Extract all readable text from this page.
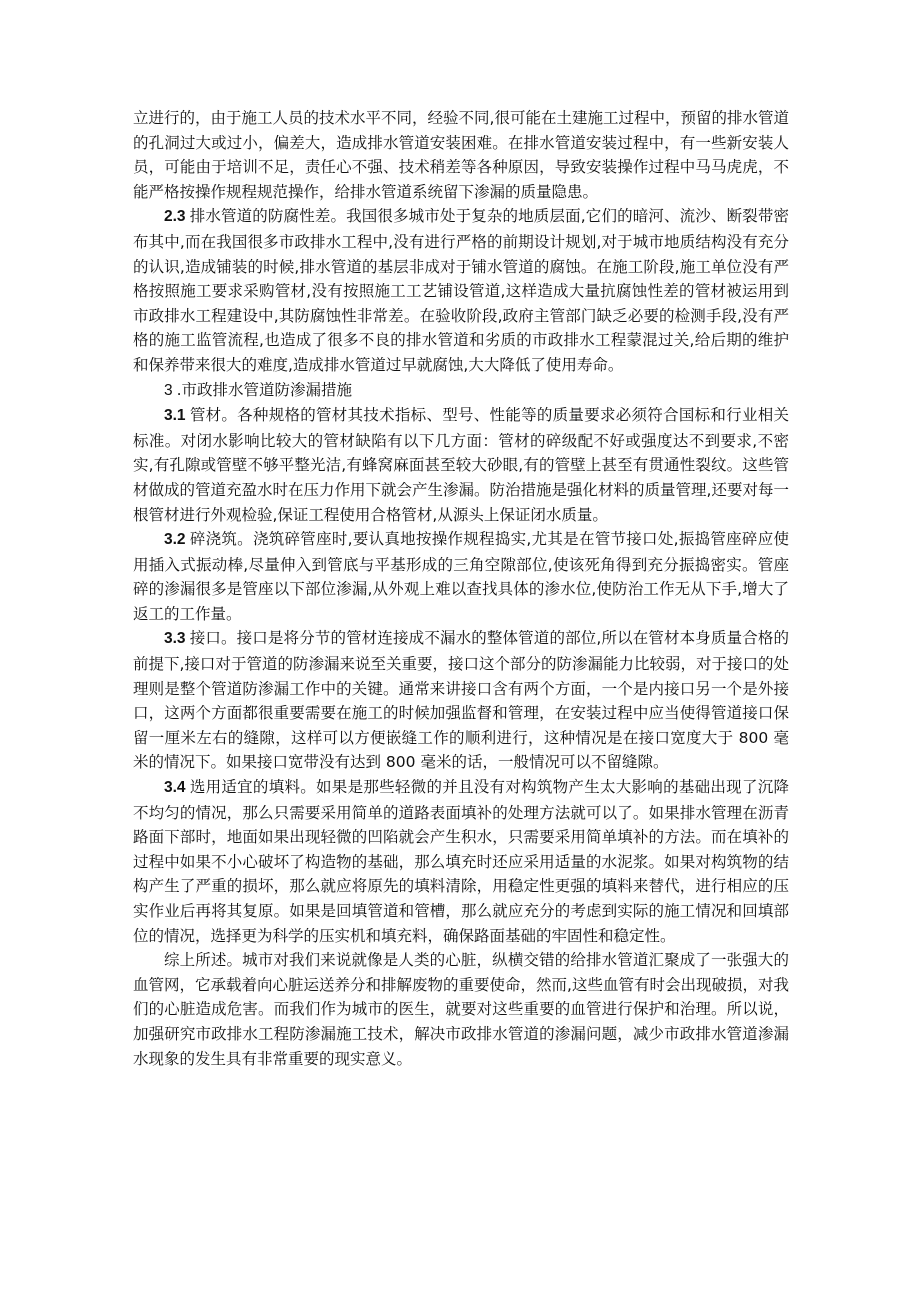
立进行的，由于施工人员的技术水平不同，经验不同,很可能在土建施工过程中，预留的排水管道的孔洞过大或过小，偏差大，造成排水管道安装困难。在排水管道安装过程中，有一些新安装人员，可能由于培训不足，责任心不强、技术稍差等各种原因，导致安装操作过程中马马虎虎，不能严格按操作规程规范操作，给排水管道系统留下渗漏的质量隐患。

2.3 排水管道的防腐性差。我国很多城市处于复杂的地质层面,它们的暗河、流沙、断裂带密布其中,而在我国很多市政排水工程中,没有进行严格的前期设计规划,对于城市地质结构没有充分的认识,造成铺装的时候,排水管道的基层非成对于铺水管道的腐蚀。在施工阶段,施工单位没有严格按照施工要求采购管材,没有按照施工工艺铺设管道,这样造成大量抗腐蚀性差的管材被运用到市政排水工程建设中,其防腐蚀性非常差。在验收阶段,政府主管部门缺乏必要的检测手段,没有严格的施工监管流程,也造成了很多不良的排水管道和劣质的市政排水工程蒙混过关,给后期的维护和保养带来很大的难度,造成排水管道过早就腐蚀,大大降低了使用寿命。

3 .市政排水管道防渗漏措施

3.1 管材。各种规格的管材其技术指标、型号、性能等的质量要求必须符合国标和行业相关标准。对闭水影响比较大的管材缺陷有以下几方面：管材的碎级配不好或强度达不到要求,不密实,有孔隙或管壁不够平整光洁,有蜂窝麻面甚至较大砂眼,有的管壁上甚至有贯通性裂纹。这些管材做成的管道充盈水时在压力作用下就会产生渗漏。防治措施是强化材料的质量管理,还要对每一根管材进行外观检验,保证工程使用合格管材,从源头上保证闭水质量。

3.2 碎浇筑。浇筑碎管座时,要认真地按操作规程捣实,尤其是在管节接口处,振捣管座碎应使用插入式振动棒,尽量伸入到管底与平基形成的三角空隙部位,使该死角得到充分振捣密实。管座碎的渗漏很多是管座以下部位渗漏,从外观上难以查找具体的渗水位,使防治工作无从下手,增大了返工的工作量。

3.3 接口。接口是将分节的管材连接成不漏水的整体管道的部位,所以在管材本身质量合格的前提下,接口对于管道的防渗漏来说至关重要，接口这个部分的防渗漏能力比较弱，对于接口的处理则是整个管道防渗漏工作中的关键。通常来讲接口含有两个方面，一个是内接口另一个是外接口，这两个方面都很重要需要在施工的时候加强监督和管理，在安装过程中应当使得管道接口保留一厘米左右的缝隙，这样可以方便嵌缝工作的顺利进行，这种情况是在接口宽度大于 800 毫米的情况下。如果接口宽带没有达到 800 毫米的话，一般情况可以不留缝隙。

3.4 选用适宜的填料。如果是那些轻微的并且没有对构筑物产生太大影响的基础出现了沉降不均匀的情况，那么只需要采用简单的道路表面填补的处理方法就可以了。如果排水管理在沥青路面下部时，地面如果出现轻微的凹陷就会产生积水，只需要采用简单填补的方法。而在填补的过程中如果不小心破坏了构造物的基础，那么填充时还应采用适量的水泥浆。如果对构筑物的结构产生了严重的损坏，那么就应将原先的填料清除，用稳定性更强的填料来替代，进行相应的压实作业后再将其复原。如果是回填管道和管槽，那么就应充分的考虑到实际的施工情况和回填部位的情况，选择更为科学的压实机和填充料，确保路面基础的牢固性和稳定性。

综上所述。城市对我们来说就像是人类的心脏，纵横交错的给排水管道汇聚成了一张强大的血管网，它承载着向心脏运送养分和排解废物的重要使命，然而,这些血管有时会出现破损，对我们的心脏造成危害。而我们作为城市的医生，就要对这些重要的血管进行保护和治理。所以说，加强研究市政排水工程防渗漏施工技术，解决市政排水管道的渗漏问题，减少市政排水管道渗漏水现象的发生具有非常重要的现实意义。
